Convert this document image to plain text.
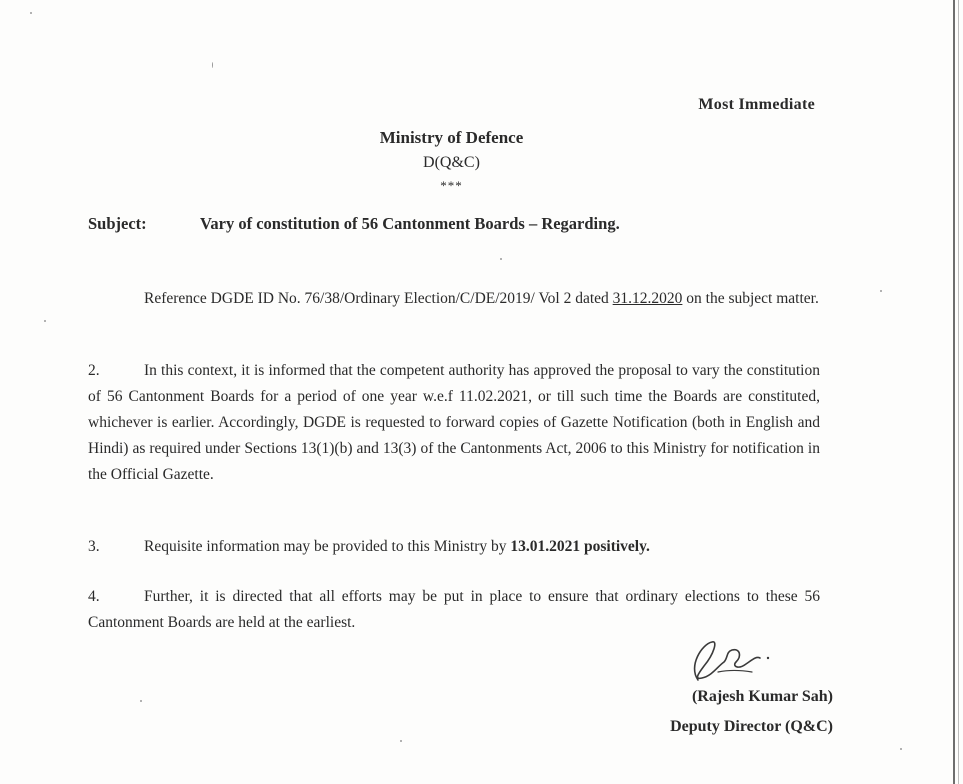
Most Immediate
Ministry of Defence
D(Q&C)
***
Subject:	Vary of constitution of 56 Cantonment Boards – Regarding.
Reference DGDE ID No. 76/38/Ordinary Election/C/DE/2019/ Vol 2 dated 31.12.2020 on the subject matter.
2.	In this context, it is informed that the competent authority has approved the proposal to vary the constitution of 56 Cantonment Boards for a period of one year w.e.f 11.02.2021, or till such time the Boards are constituted, whichever is earlier. Accordingly, DGDE is requested to forward copies of Gazette Notification (both in English and Hindi) as required under Sections 13(1)(b) and 13(3) of the Cantonments Act, 2006 to this Ministry for notification in the Official Gazette.
3.	Requisite information may be provided to this Ministry by 13.01.2021 positively.
4.	Further, it is directed that all efforts may be put in place to ensure that ordinary elections to these 56 Cantonment Boards are held at the earliest.
(Rajesh Kumar Sah)
Deputy Director (Q&C)
